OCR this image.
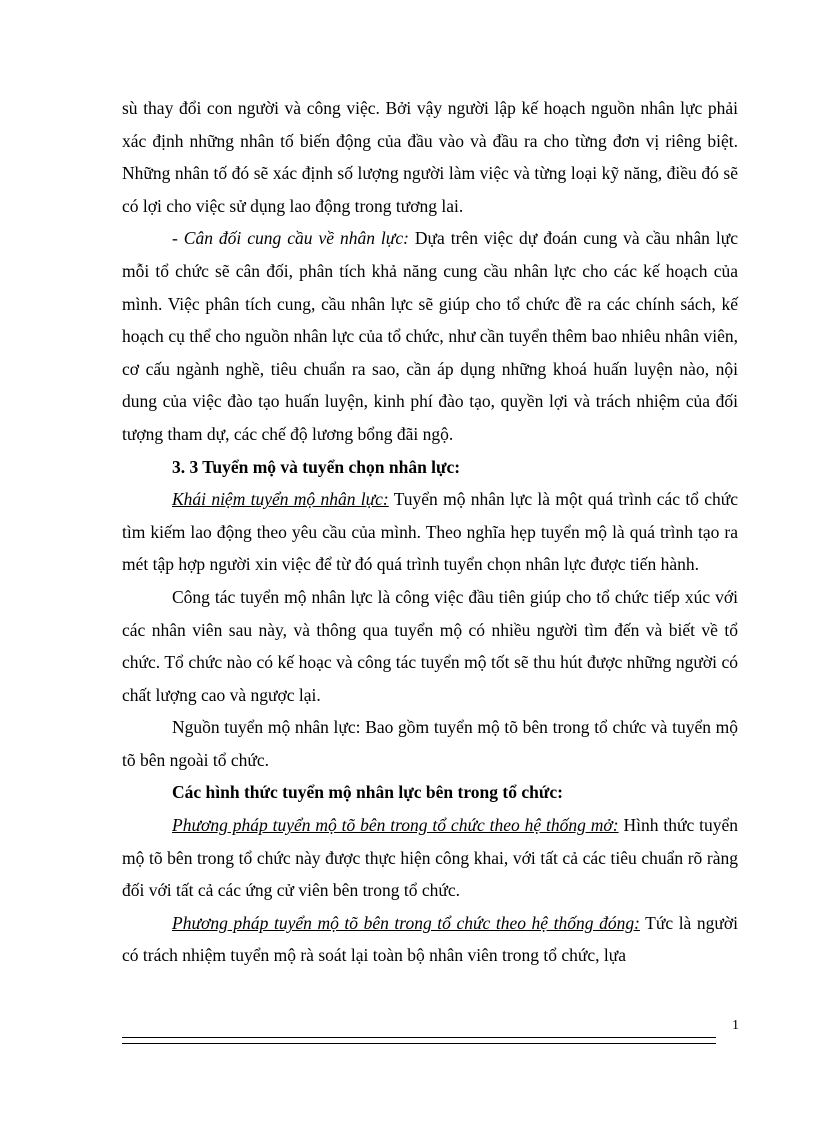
sù thay đổi con người và công việc. Bởi vậy người lập kế hoạch nguồn nhân lực phải xác định những nhân tố biến động của đầu vào và đầu ra cho từng đơn vị riêng biệt. Những nhân tố đó sẽ xác định số lượng người làm việc và từng loại kỹ năng, điều đó sẽ có lợi cho việc sử dụng lao động trong tương lai.

- Cân đối cung cầu về nhân lực: Dựa trên việc dự đoán cung và cầu nhân lực mỗi tổ chức sẽ cân đối, phân tích khả năng cung cầu nhân lực cho các kế hoạch của mình. Việc phân tích cung, cầu nhân lực sẽ giúp cho tổ chức đề ra các chính sách, kế hoạch cụ thể cho nguồn nhân lực của tổ chức, như cần tuyển thêm bao nhiêu nhân viên, cơ cấu ngành nghề, tiêu chuẩn ra sao, cần áp dụng những khoá huấn luyện nào, nội dung của việc đào tạo huấn luyện, kinh phí đào tạo, quyền lợi và trách nhiệm của đối tượng tham dự, các chế độ lương bổng đãi ngộ.

3. 3 Tuyển mộ và tuyển chọn nhân lực:

Khái niệm tuyển mộ nhân lực: Tuyển mộ nhân lực là một quá trình các tổ chức tìm kiếm lao động theo yêu cầu của mình. Theo nghĩa hẹp tuyển mộ là quá trình tạo ra mét tập hợp người xin việc để từ đó quá trình tuyển chọn nhân lực được tiến hành.

Công tác tuyển mộ nhân lực là công việc đầu tiên giúp cho tổ chức tiếp xúc với các nhân viên sau này, và thông qua tuyển mộ có nhiều người tìm đến và biết về tổ chức. Tổ chức nào có kế hoạc và công tác tuyển mộ tốt sẽ thu hút được những người có chất lượng cao và ngược lại.

Nguồn tuyển mộ nhân lực: Bao gồm tuyển mộ tõ bên trong tổ chức và tuyển mộ tõ bên ngoài tổ chức.

Các hình thức tuyển mộ nhân lực bên trong tổ chức:

Phương pháp tuyển mộ tõ bên trong tổ chức theo hệ thống mở: Hình thức tuyển mộ tõ bên trong tổ chức này được thực hiện công khai, với tất cả các tiêu chuẩn rõ ràng đối với tất cả các ứng cử viên bên trong tổ chức.

Phương pháp tuyển mộ tõ bên trong tổ chức theo hệ thống đóng: Tức là người có trách nhiệm tuyển mộ rà soát lại toàn bộ nhân viên trong tổ chức, lựa

1
